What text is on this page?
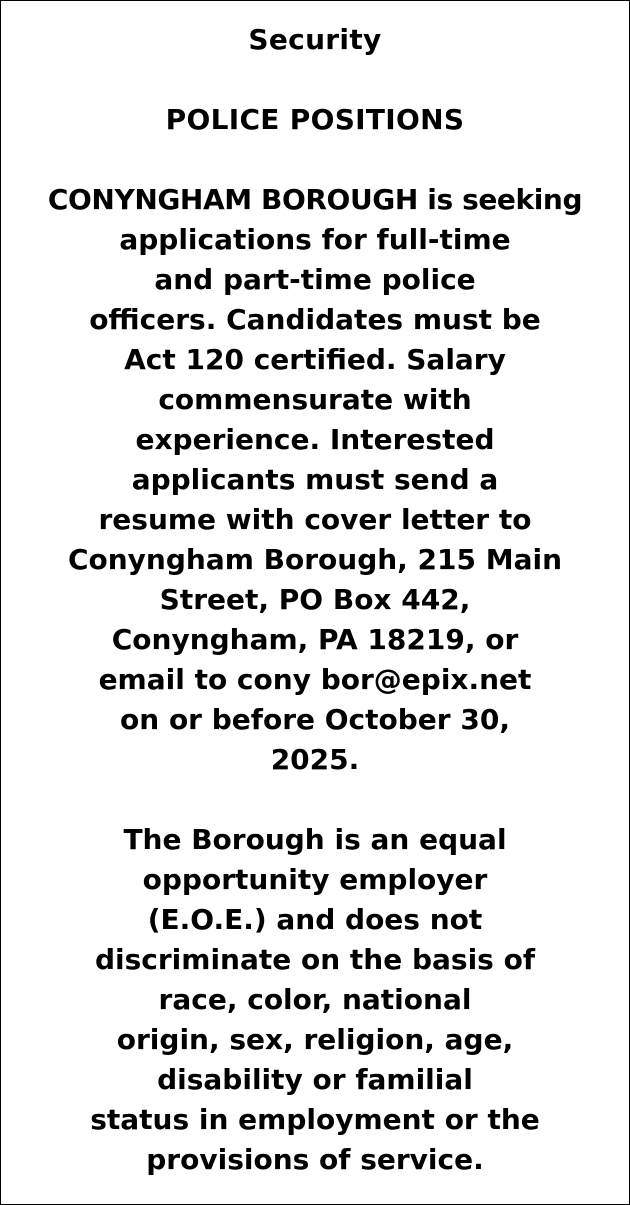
Security
POLICE POSITIONS
CONYNGHAM BOROUGH is seeking
applications for full-time
and part-time police
officers. Candidates must be
Act 120 certified. Salary
commensurate with
experience. Interested
applicants must send a
resume with cover letter to
Conyngham Borough, 215 Main
Street, PO Box 442,
Conyngham, PA 18219, or
email to cony bor@epix.net
on or before October 30,
2025.
The Borough is an equal
opportunity employer
(E.O.E.) and does not
discriminate on the basis of
race, color, national
origin, sex, religion, age,
disability or familial
status in employment or the
provisions of service.
